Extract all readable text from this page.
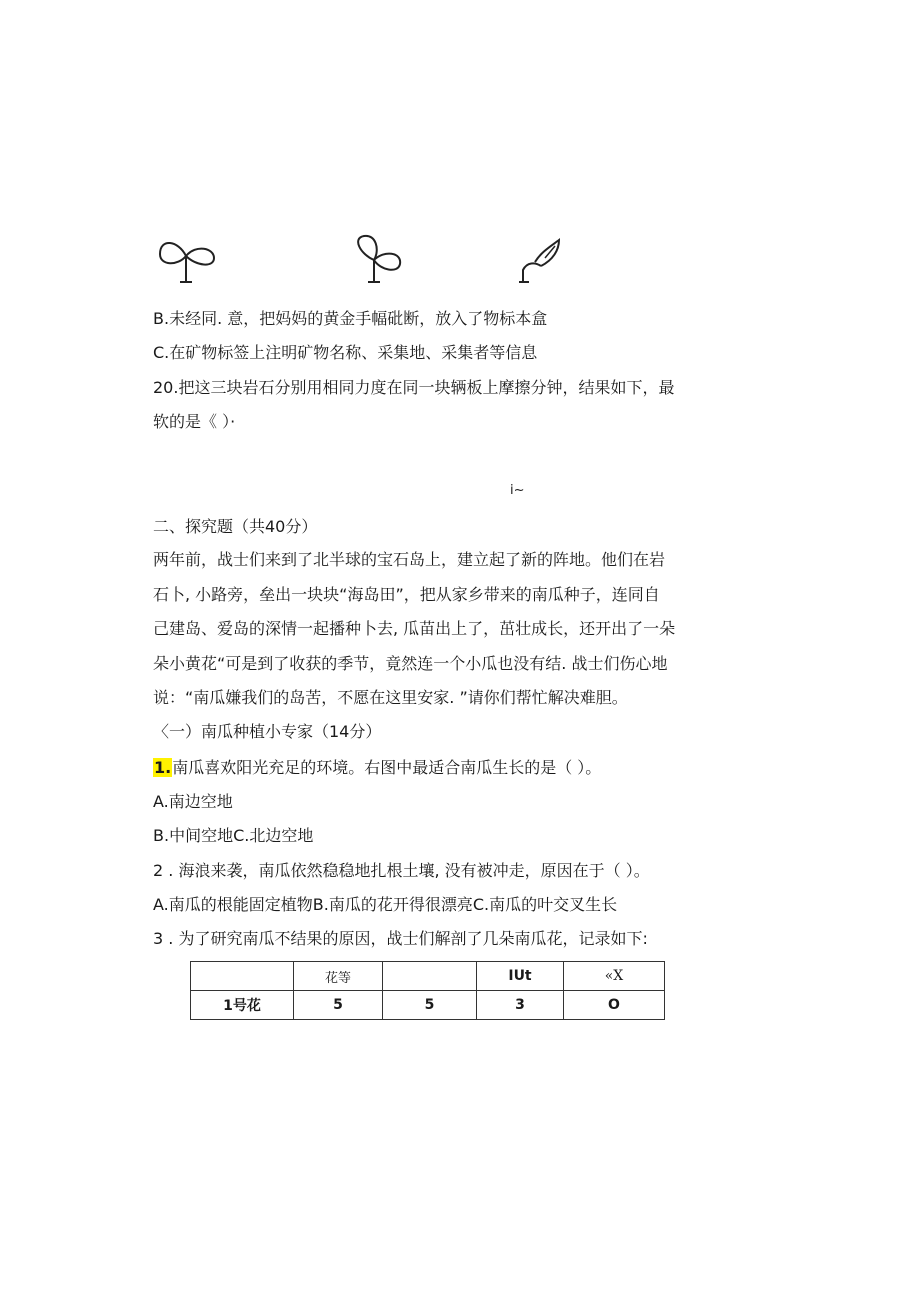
B.未经同. 意，把妈妈的黄金手幅砒断，放入了物标本盒
C.在矿物标签上注明矿物名称、采集地、采集者等信息
20.把这三块岩石分别用相同力度在同一块辆板上摩擦分钟，结果如下，最
软的是《 ）·
i~
二、探究题（共40分）
两年前，战士们来到了北半球的宝石岛上，建立起了新的阵地。他们在岩
石卜, 小路旁，垒出一块块“海岛田”，把从家乡带来的南瓜种子，连同自
己建岛、爱岛的深情一起播种卜去, 瓜苗出上了，茁壮成长，还开出了一朵
朵小黄花“可是到了收获的季节，竟然连一个小瓜也没有结. 战士们伤心地
说：“南瓜嫌我们的岛苦，不愿在这里安家. ”请你们帮忙解决难胆。
〈一）南瓜种植小专家（14分）
1.南瓜喜欢阳光充足的环境。右图中最适合南瓜生长的是（ ）。
A.南边空地
B.中间空地C.北边空地
2 . 海浪来袭，南瓜依然稳稳地扎根土壤, 没有被冲走，原因在于（ ）。
A.南瓜的根能固定植物B.南瓜的花开得很漂亮C.南瓜的叶交叉生长
3 . 为了研究南瓜不结果的原因，战士们解剖了几朵南瓜花，记录如下:
	花等		IUt	«X
1号花	5	5	3	O
